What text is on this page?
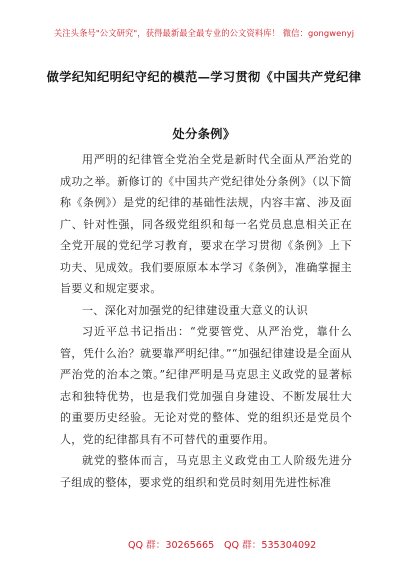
关注头条号"公文研究"，获得最新最全最专业的公文资料库！ 微信：gongwenyj
做学纪知纪明纪守纪的模范—学习贯彻《中国共产党纪律
处分条例》

用严明的纪律管全党治全党是新时代全面从严治党的成功之举。新修订的《中国共产党纪律处分条例》（以下简称《条例》）是党的纪律的基础性法规，内容丰富、涉及面广、针对性强，同各级党组织和每一名党员息息相关正在全党开展的党纪学习教育，要求在学习贯彻《条例》上下功夫、见成效。我们要原原本本学习《条例》，准确掌握主旨要义和规定要求。

一、深化对加强党的纪律建设重大意义的认识

习近平总书记指出：“党要管党、从严治党，靠什么管，凭什么治？就要靠严明纪律。”“加强纪律建设是全面从严治党的治本之策。”纪律严明是马克思主义政党的显著标志和独特优势，也是我们党加强自身建设、不断发展壮大的重要历史经验。无论对党的整体、党的组织还是党员个人，党的纪律都具有不可替代的重要作用。

就党的整体而言，马克思主义政党由工人阶级先进分子组成的整体，要求党的组织和党员时刻用先进性标准

QQ 群：30265665 QQ 群：535304092
